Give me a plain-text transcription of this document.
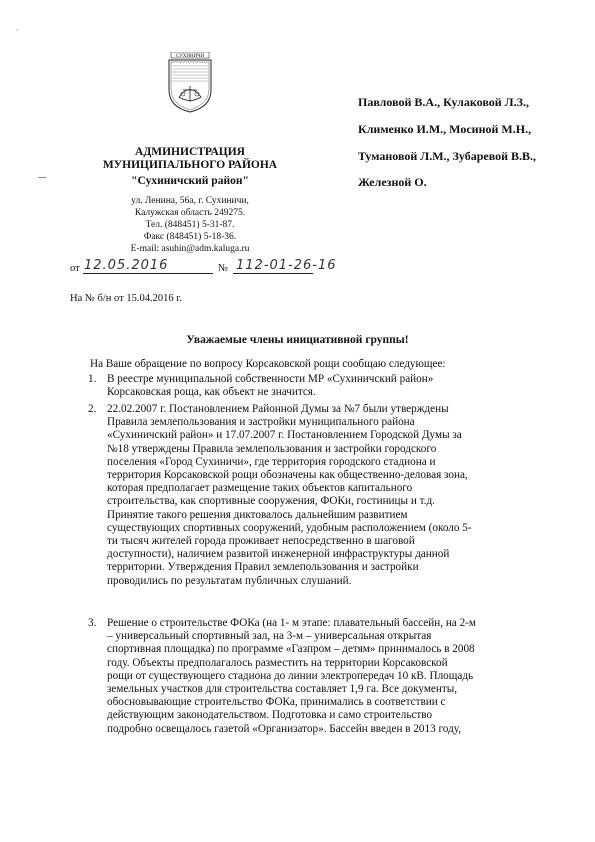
ˇ
СУХИНИЧИ
АДМИНИСТРАЦИЯ
МУНИЦИПАЛЬНОГО РАЙОНА
"Сухиничский район"
ул. Ленина, 56а, г. Сухиничи,
Калужская область 249275.
Тел. (848451) 5-31-87.
Факс (848451) 5-18-36.
E-mail: asuhin@adm.kaluga.ru
от 12.05.2016	№ 112-01-26-16
На № б/н от 15.04.2016 г.
Павловой В.А., Кулаковой Л.З.,
Клименко И.М., Мосиной М.Н.,
Тумановой Л.М., Зубаревой В.В.,
Железной О.
Уважаемые члены инициативной группы!
На Ваше обращение по вопросу Корсаковской рощи сообщаю следующее:
1. В реестре муниципальной собственности МР «Сухиничский район»
Корсаковская роща, как объект не значится.
2. 22.02.2007 г. Постановлением Районной Думы за №7 были утверждены
Правила землепользования и застройки муниципального района
«Сухиничский район» и 17.07.2007 г. Постановлением Городской Думы за
№18 утверждены Правила землепользования и застройки городского
поселения «Город Сухиничи», где территория городского стадиона и
территория Корсаковской рощи обозначены как общественно-деловая зона,
которая предполагает размещение таких объектов капитального
строительства, как спортивные сооружения, ФОКи, гостиницы и т.д.
Принятие такого решения диктовалось дальнейшим развитием
существующих спортивных сооружений, удобным расположением (около 5-
ти тысяч жителей города проживает непосредственно в шаговой
доступности), наличием развитой инженерной инфраструктуры данной
территории. Утверждения Правил землепользования и застройки
проводились по результатам публичных слушаний.
3. Решение о строительстве ФОКа (на 1- м этапе: плавательный бассейн, на 2-м
– универсальный спортивный зал, на 3-м – универсальная открытая
спортивная площадка) по программе «Газпром – детям» принималось в 2008
году. Объекты предполагалось разместить на территории Корсаковской
рощи от существующего стадиона до линии электропередач 10 кВ. Площадь
земельных участков для строительства составляет 1,9 га. Все документы,
обосновывающие строительство ФОКа, принимались в соответствии с
действующим законодательством. Подготовка и само строительство
подробно освещалось газетой «Организатор». Бассейн введен в 2013 году,
